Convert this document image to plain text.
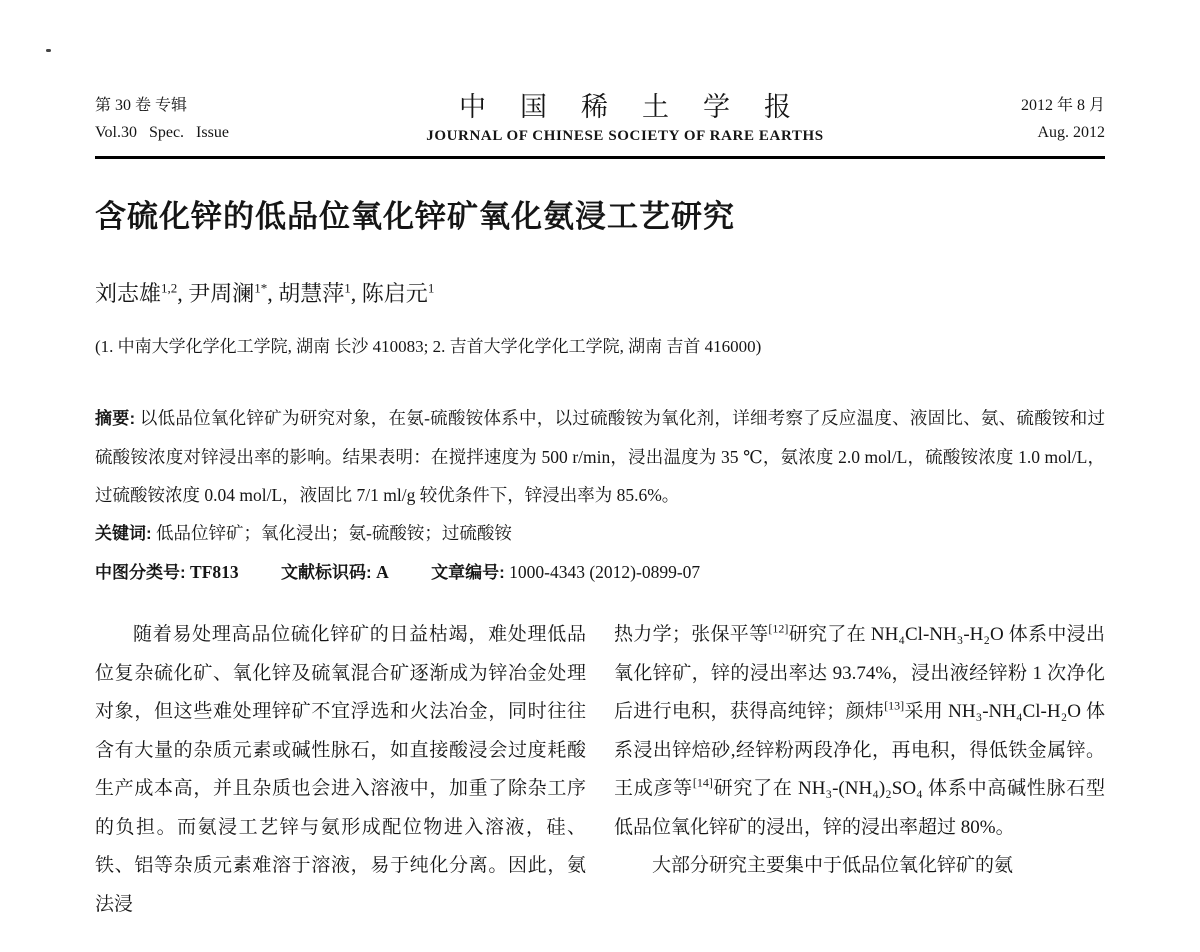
第 30 卷 专辑
Vol.30 Spec. Issue
中国稀土学报
JOURNAL OF CHINESE SOCIETY OF RARE EARTHS
2012 年 8 月
Aug. 2012
含硫化锌的低品位氧化锌矿氧化氨浸工艺研究
刘志雄$^{1,2}$, 尹周澜$^{1*}$, 胡慧萍$^1$, 陈启元$^1$
(1. 中南大学化学化工学院, 湖南 长沙 410083; 2. 吉首大学化学化工学院, 湖南 吉首 416000)

摘要: 以低品位氧化锌矿为研究对象，在氨-硫酸铵体系中，以过硫酸铵为氧化剂，详细考察了反应温度、液固比、氨、硫酸铵和过硫酸铵浓度对锌浸出率的影响。结果表明：在搅拌速度为 500 r/min，浸出温度为 35 ℃，氨浓度 2.0 mol/L，硫酸铵浓度 1.0 mol/L，过硫酸铵浓度 0.04 mol/L，液固比 7/1 ml/g 较优条件下，锌浸出率为 85.6%。

关键词: 低品位锌矿；氧化浸出；氨-硫酸铵；过硫酸铵

中图分类号: TF813 文献标识码: A 文章编号: 1000-4343 (2012)-0899-07

随着易处理高品位硫化锌矿的日益枯竭，难处理低品位复杂硫化矿、氧化锌及硫氧混合矿逐渐成为锌冶金处理对象，但这些难处理锌矿不宜浮选和火法冶金，同时往往含有大量的杂质元素或碱性脉石，如直接酸浸会过度耗酸生产成本高，并且杂质也会进入溶液中，加重了除杂工序的负担。而氨浸工艺锌与氨形成配位物进入溶液，硅、铁、铝等杂质元素难溶于溶液，易于纯化分离。因此，氨法浸

热力学；张保平等[12]研究了在 NH₄Cl-NH₃-H₂O 体系中浸出氧化锌矿，锌的浸出率达 93.74%，浸出液经锌粉 1 次净化后进行电积，获得高纯锌；颜炜[13]采用 NH₃-NH₄Cl-H₂O 体系浸出锌焙砂,经锌粉两段净化，再电积，得低铁金属锌。王成彦等[14]研究了在 NH₃-(NH₄)₂SO₄ 体系中高碱性脉石型低品位氧化锌矿的浸出，锌的浸出率超过 80%。

大部分研究主要集中于低品位氧化锌矿的氨
